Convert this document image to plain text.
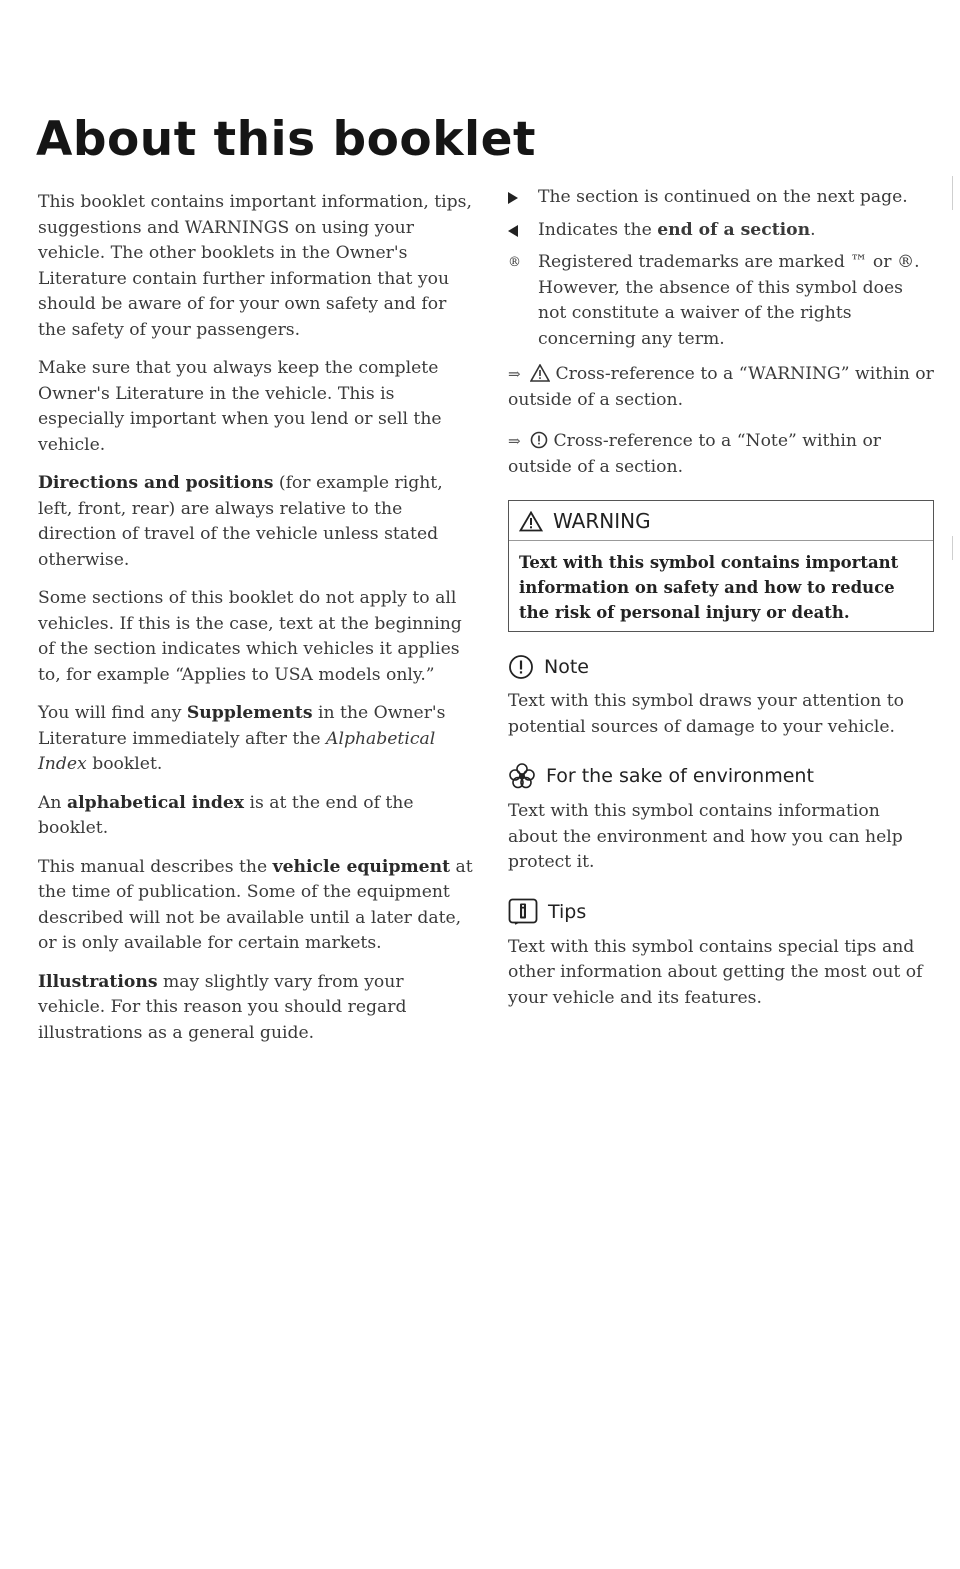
About this booklet

This booklet contains important information, tips, suggestions and WARNINGS on using your vehicle. The other booklets in the Owner's Literature contain further information that you should be aware of for your own safety and for the safety of your passengers.

Make sure that you always keep the complete Owner's Literature in the vehicle. This is especially important when you lend or sell the vehicle.

Directions and positions (for example right, left, front, rear) are always relative to the direction of travel of the vehicle unless stated otherwise.

Some sections of this booklet do not apply to all vehicles. If this is the case, text at the beginning of the section indicates which vehicles it applies to, for example “Applies to USA models only.”

You will find any Supplements in the Owner's Literature immediately after the Alphabetical Index booklet.

An alphabetical index is at the end of the booklet.

This manual describes the vehicle equipment at the time of publication. Some of the equipment described will not be available until a later date, or is only available for certain markets.

Illustrations may slightly vary from your vehicle. For this reason you should regard illustrations as a general guide.

The section is continued on the next page.
Indicates the end of a section.
® Registered trademarks are marked ™ or ®. However, the absence of this symbol does not constitute a waiver of the rights concerning any term.
⇒ Cross-reference to a “WARNING” within or outside of a section.
⇒ Cross-reference to a “Note” within or outside of a section.
WARNING
Text with this symbol contains important information on safety and how to reduce the risk of personal injury or death.
Note

Text with this symbol draws your attention to potential sources of damage to your vehicle.

For the sake of environment

Text with this symbol contains information about the environment and how you can help protect it.

Tips

Text with this symbol contains special tips and other information about getting the most out of your vehicle and its features.
